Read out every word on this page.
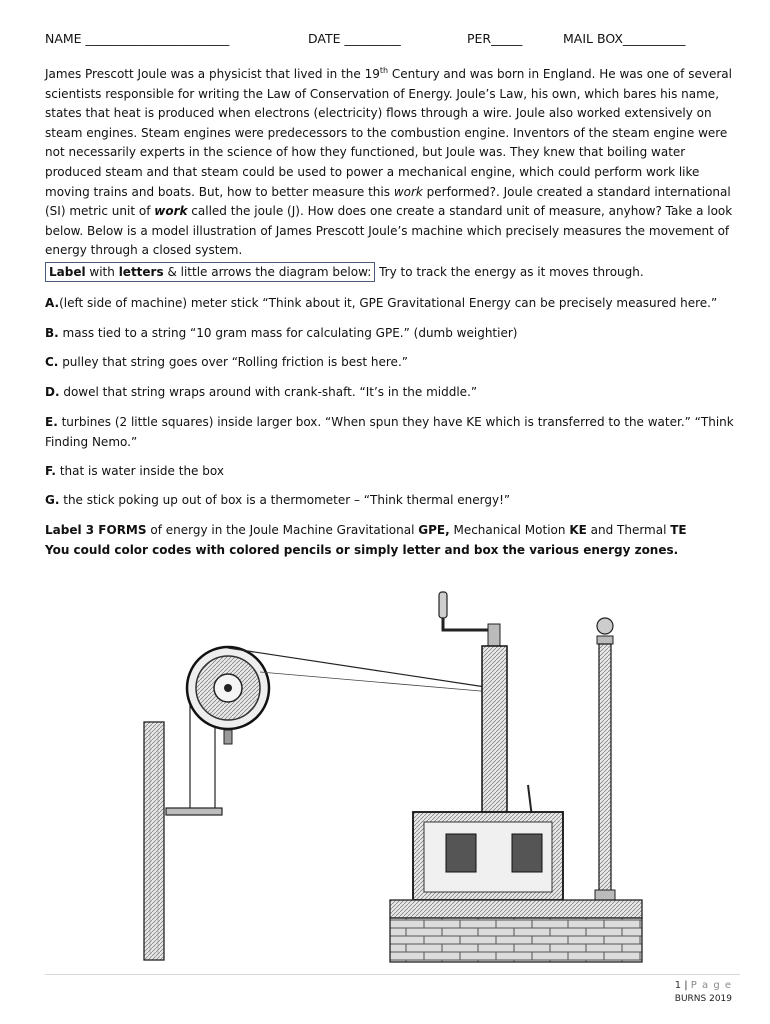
NAME _______________________	DATE _________	PER_____	MAIL BOX__________

James Prescott Joule was a physicist that lived in the 19th Century and was born in England. He was one of several scientists responsible for writing the Law of Conservation of Energy. Joule’s Law, his own, which bares his name, states that heat is produced when electrons (electricity) flows through a wire. Joule also worked extensively on steam engines. Steam engines were predecessors to the combustion engine. Inventors of the steam engine were not necessarily experts in the science of how they functioned, but Joule was. They knew that boiling water produced steam and that steam could be used to power a mechanical engine, which could perform work like moving trains and boats. But, how to better measure this work performed?. Joule created a standard international (SI) metric unit of work called the joule (J). How does one create a standard unit of measure, anyhow? Take a look below. Below is a model illustration of James Prescott Joule’s machine which precisely measures the movement of energy through a closed system.

Label with letters & little arrows the diagram below: Try to track the energy as it moves through.
A.(left side of machine) meter stick “Think about it, GPE Gravitational Energy can be precisely measured here.”
B. mass tied to a string “10 gram mass for calculating GPE.” (dumb weightier)
C. pulley that string goes over “Rolling friction is best here.”
D. dowel that string wraps around with crank-shaft. “It’s in the middle.”
E. turbines (2 little squares) inside larger box. “When spun they have KE which is transferred to the water.” “Think Finding Nemo.”
F. that is water inside the box
G. the stick poking up out of box is a thermometer – “Think thermal energy!”
Label 3 FORMS of energy in the Joule Machine Gravitational GPE, Mechanical Motion KE and Thermal TE
You could color codes with colored pencils or simply letter and box the various energy zones.
1 | P a g e
BURNS 2019
